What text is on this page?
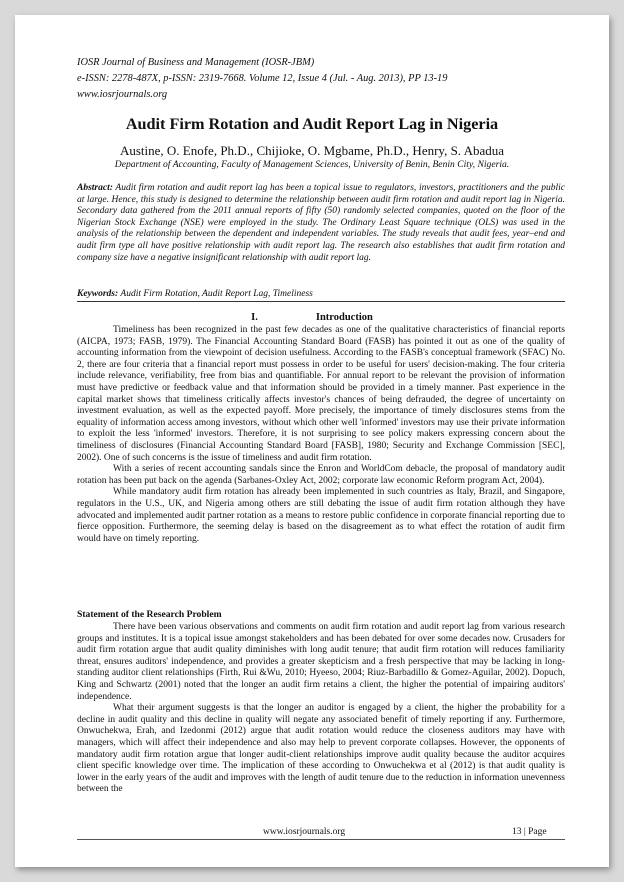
IOSR Journal of Business and Management (IOSR-JBM)
e-ISSN: 2278-487X, p-ISSN: 2319-7668. Volume 12, Issue 4 (Jul. - Aug. 2013), PP 13-19
www.iosrjournals.org
Audit Firm Rotation and Audit Report Lag in Nigeria
Austine, O. Enofe, Ph.D., Chijioke, O. Mgbame, Ph.D., Henry, S. Abadua
Department of Accounting, Faculty of Management Sciences, University of Benin, Benin City, Nigeria.
Abstract: Audit firm rotation and audit report lag has been a topical issue to regulators, investors, practitioners and the public at large. Hence, this study is designed to determine the relationship between audit firm rotation and audit report lag in Nigeria. Secondary data gathered from the 2011 annual reports of fifty (50) randomly selected companies, quoted on the floor of the Nigerian Stock Exchange (NSE) were employed in the study. The Ordinary Least Square technique (OLS) was used in the analysis of the relationship between the dependent and independent variables. The study reveals that audit fees, year–end and audit firm type all have positive relationship with audit report lag. The research also establishes that audit firm rotation and company size have a negative insignificant relationship with audit report lag.
Keywords: Audit Firm Rotation, Audit Report Lag, Timeliness
I.	Introduction

Timeliness has been recognized in the past few decades as one of the qualitative characteristics of financial reports (AICPA, 1973; FASB, 1979). The Financial Accounting Standard Board (FASB) has pointed it out as one of the quality of accounting information from the viewpoint of decision usefulness. According to the FASB's conceptual framework (SFAC) No. 2, there are four criteria that a financial report must possess in order to be useful for users' decision-making. The four criteria include relevance, verifiability, free from bias and quantifiable. For annual report to be relevant the provision of information must have predictive or feedback value and that information should be provided in a timely manner. Past experience in the capital market shows that timeliness critically affects investor's chances of being defrauded, the degree of uncertainty on investment evaluation, as well as the expected payoff. More precisely, the importance of timely disclosures stems from the equality of information access among investors, without which other well 'informed' investors may use their private information to exploit the less 'informed' investors. Therefore, it is not surprising to see policy makers expressing concern about the timeliness of disclosures (Financial Accounting Standard Board [FASB], 1980; Security and Exchange Commission [SEC], 2002). One of such concerns is the issue of timeliness and audit firm rotation.

With a series of recent accounting sandals since the Enron and WorldCom debacle, the proposal of mandatory audit rotation has been put back on the agenda (Sarbanes-Oxley Act, 2002; corporate law economic Reform program Act, 2004).

While mandatory audit firm rotation has already been implemented in such countries as Italy, Brazil, and Singapore, regulators in the U.S., UK, and Nigeria among others are still debating the issue of audit firm rotation although they have advocated and implemented audit partner rotation as a means to restore public confidence in corporate financial reporting due to fierce opposition. Furthermore, the seeming delay is based on the disagreement as to what effect the rotation of audit firm would have on timely reporting.

Statement of the Research Problem

There have been various observations and comments on audit firm rotation and audit report lag from various research groups and institutes. It is a topical issue amongst stakeholders and has been debated for over some decades now. Crusaders for audit firm rotation argue that audit quality diminishes with long audit tenure; that audit firm rotation will reduces familiarity threat, ensures auditors' independence, and provides a greater skepticism and a fresh perspective that may be lacking in long-standing auditor client relationships (Firth, Rui &Wu, 2010; Hyeeso, 2004; Riuz-Barbadillo & Gomez-Aguilar, 2002). Dopuch, King and Schwartz (2001) noted that the longer an audit firm retains a client, the higher the potential of impairing auditors' independence.

What their argument suggests is that the longer an auditor is engaged by a client, the higher the probability for a decline in audit quality and this decline in quality will negate any associated benefit of timely reporting if any. Furthermore, Onwuchekwa, Erah, and Izedonmi (2012) argue that audit rotation would reduce the closeness auditors may have with managers, which will affect their independence and also may help to prevent corporate collapses. However, the opponents of mandatory audit firm rotation argue that longer audit-client relationships improve audit quality because the auditor acquires client specific knowledge over time. The implication of these according to Onwuchekwa et al (2012) is that audit quality is lower in the early years of the audit and improves with the length of audit tenure due to the reduction in information unevenness between the

www.iosrjournals.org	13 | Page
